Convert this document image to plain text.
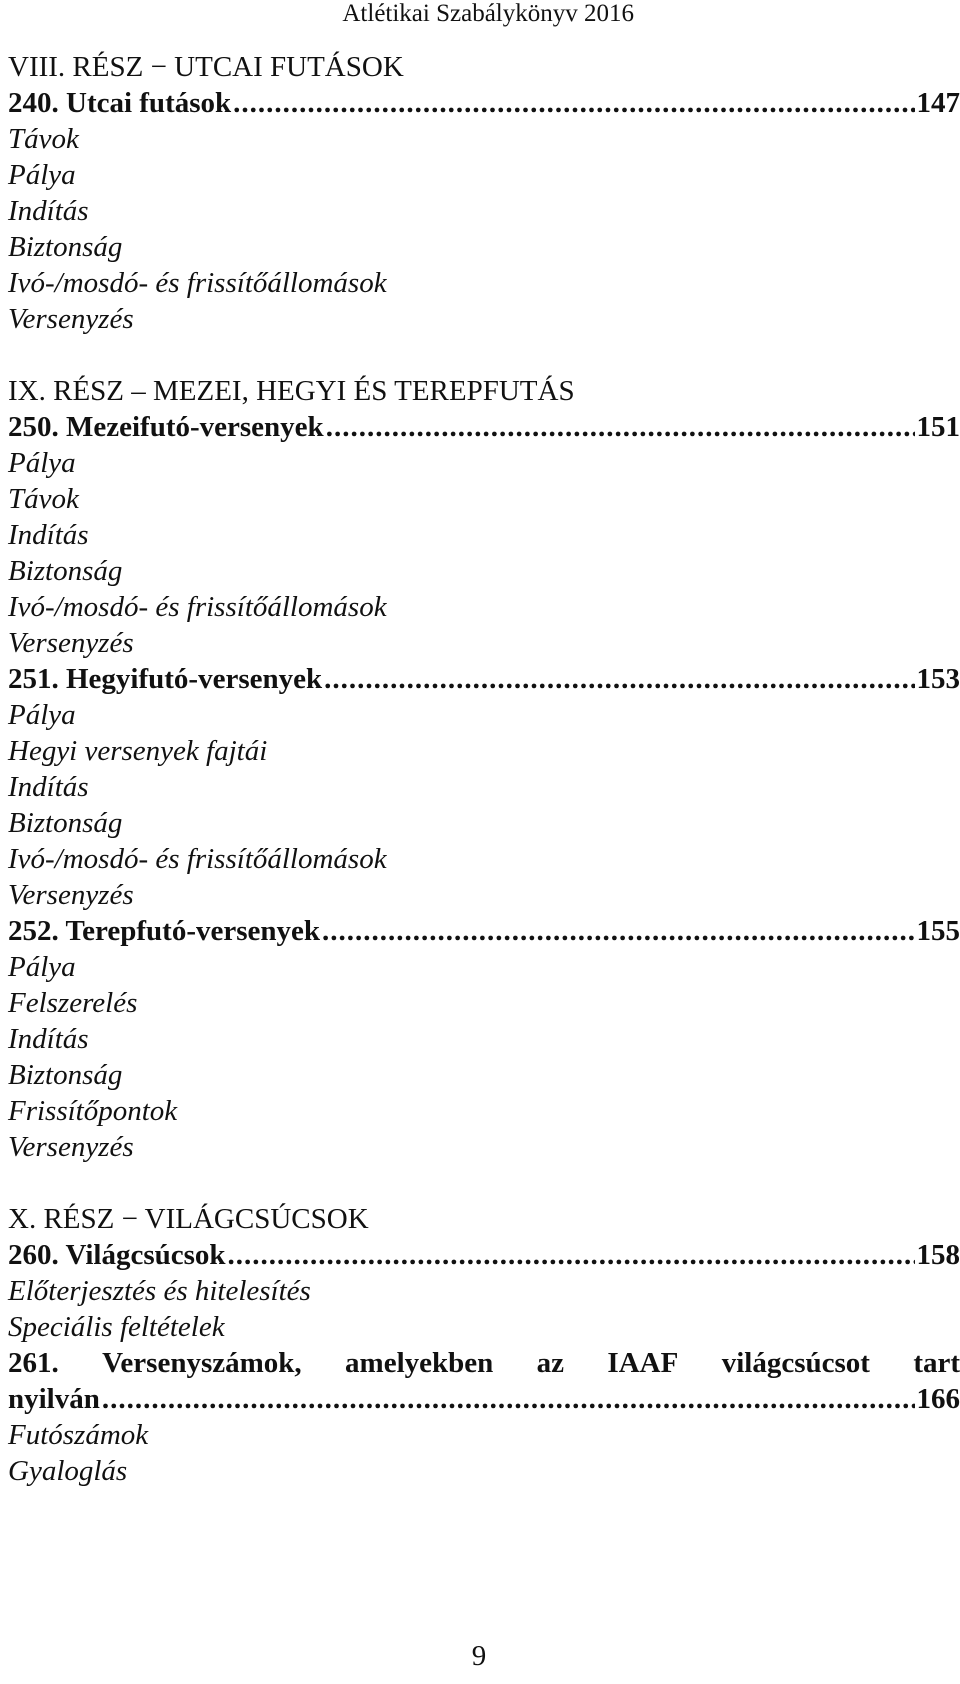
Atlétikai Szabálykönyv 2016
VIII. RÉSZ − UTCAI FUTÁSOK
240. Utcai futások .....	147
Távok
Pálya
Indítás
Biztonság
Ivó-/mosdó- és frissítőállomások
Versenyzés
IX. RÉSZ – MEZEI, HEGYI ÉS TEREPFUTÁS
250. Mezeifutó-versenyek .....	151
Pálya
Távok
Indítás
Biztonság
Ivó-/mosdó- és frissítőállomások
Versenyzés
251. Hegyifutó-versenyek .....	153
Pálya
Hegyi versenyek fajtái
Indítás
Biztonság
Ivó-/mosdó- és frissítőállomások
Versenyzés
252. Terepfutó-versenyek .....	155
Pálya
Felszerelés
Indítás
Biztonság
Frissítőpontok
Versenyzés
X. RÉSZ − VILÁGCSÚCSOK
260. Világcsúcsok .....	158
Előterjesztés és hitelesítés
Speciális feltételek
261. Versenyszámok, amelyekben az IAAF világcsúcsot tart
nyilván .....	166
Futószámok
Gyaloglás
9
